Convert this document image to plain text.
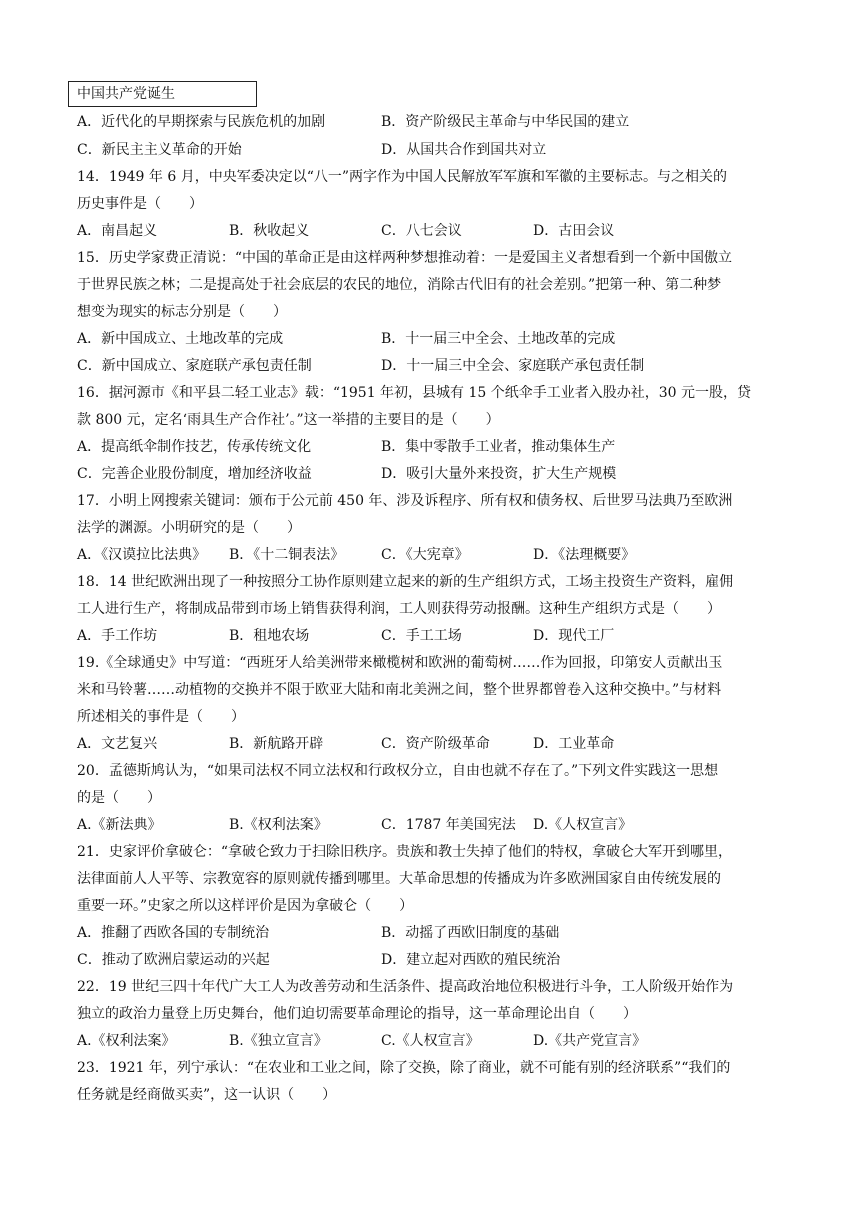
中国共产党诞生
A．近代化的早期探索与民族危机的加剧	B．资产阶级民主革命与中华民国的建立
C．新民主主义革命的开始	D．从国共合作到国共对立
14．1949 年 6 月，中央军委决定以“八一”两字作为中国人民解放军军旗和军徽的主要标志。与之相关的
历史事件是（　　）
A．南昌起义	B．秋收起义	C．八七会议	D．古田会议
15．历史学家费正清说：“中国的革命正是由这样两种梦想推动着：一是爱国主义者想看到一个新中国傲立
于世界民族之林；二是提高处于社会底层的农民的地位，消除古代旧有的社会差别。”把第一种、第二种梦
想变为现实的标志分别是（　　）
A．新中国成立、土地改革的完成	B．十一届三中全会、土地改革的完成
C．新中国成立、家庭联产承包责任制	D．十一届三中全会、家庭联产承包责任制
16．据河源市《和平县二轻工业志》载：“1951 年初，县城有 15 个纸伞手工业者入股办社，30 元一股，贷
款 800 元，定名‘雨具生产合作社’。”这一举措的主要目的是（　　）
A．提高纸伞制作技艺，传承传统文化	B．集中零散手工业者，推动集体生产
C．完善企业股份制度，增加经济收益	D．吸引大量外来投资，扩大生产规模
17．小明上网搜索关键词：颁布于公元前 450 年、涉及诉程序、所有权和债务权、后世罗马法典乃至欧洲
法学的渊源。小明研究的是（　　）
A．《汉谟拉比法典》 B．《十二铜表法》	C．《大宪章》	D．《法理概要》
18．14 世纪欧洲出现了一种按照分工协作原则建立起来的新的生产组织方式，工场主投资生产资料，雇佣
工人进行生产，将制成品带到市场上销售获得利润，工人则获得劳动报酬。这种生产组织方式是（　　）
A．手工作坊	B．租地农场	C．手工工场	D．现代工厂
19.《全球通史》中写道：“西班牙人给美洲带来橄榄树和欧洲的葡萄树……作为回报，印第安人贡献出玉
米和马铃薯……动植物的交换并不限于欧亚大陆和南北美洲之间，整个世界都曾卷入这种交换中。”与材料
所述相关的事件是（　　）
A．文艺复兴	B．新航路开辟	C．资产阶级革命	D．工业革命
20．孟德斯鸠认为，“如果司法权不同立法权和行政权分立，自由也就不存在了。”下列文件实践这一思想
的是（　　）
A.《新法典》	B.《权利法案》	C．1787 年美国宪法 D.《人权宣言》
21．史家评价拿破仑：“拿破仑致力于扫除旧秩序。贵族和教士失掉了他们的特权，拿破仑大军开到哪里，
法律面前人人平等、宗教宽容的原则就传播到哪里。大革命思想的传播成为许多欧洲国家自由传统发展的
重要一环。”史家之所以这样评价是因为拿破仑（　　）
A．推翻了西欧各国的专制统治	B．动摇了西欧旧制度的基础
C．推动了欧洲启蒙运动的兴起	D．建立起对西欧的殖民统治
22．19 世纪三四十年代广大工人为改善劳动和生活条件、提高政治地位积极进行斗争，工人阶级开始作为
独立的政治力量登上历史舞台，他们迫切需要革命理论的指导，这一革命理论出自（　　）
A.《权利法案》	B.《独立宣言》	C.《人权宣言》	D.《共产党宣言》
23．1921 年，列宁承认：“在农业和工业之间，除了交换，除了商业，就不可能有别的经济联系”“我们的
任务就是经商做买卖”，这一认识（　　）
